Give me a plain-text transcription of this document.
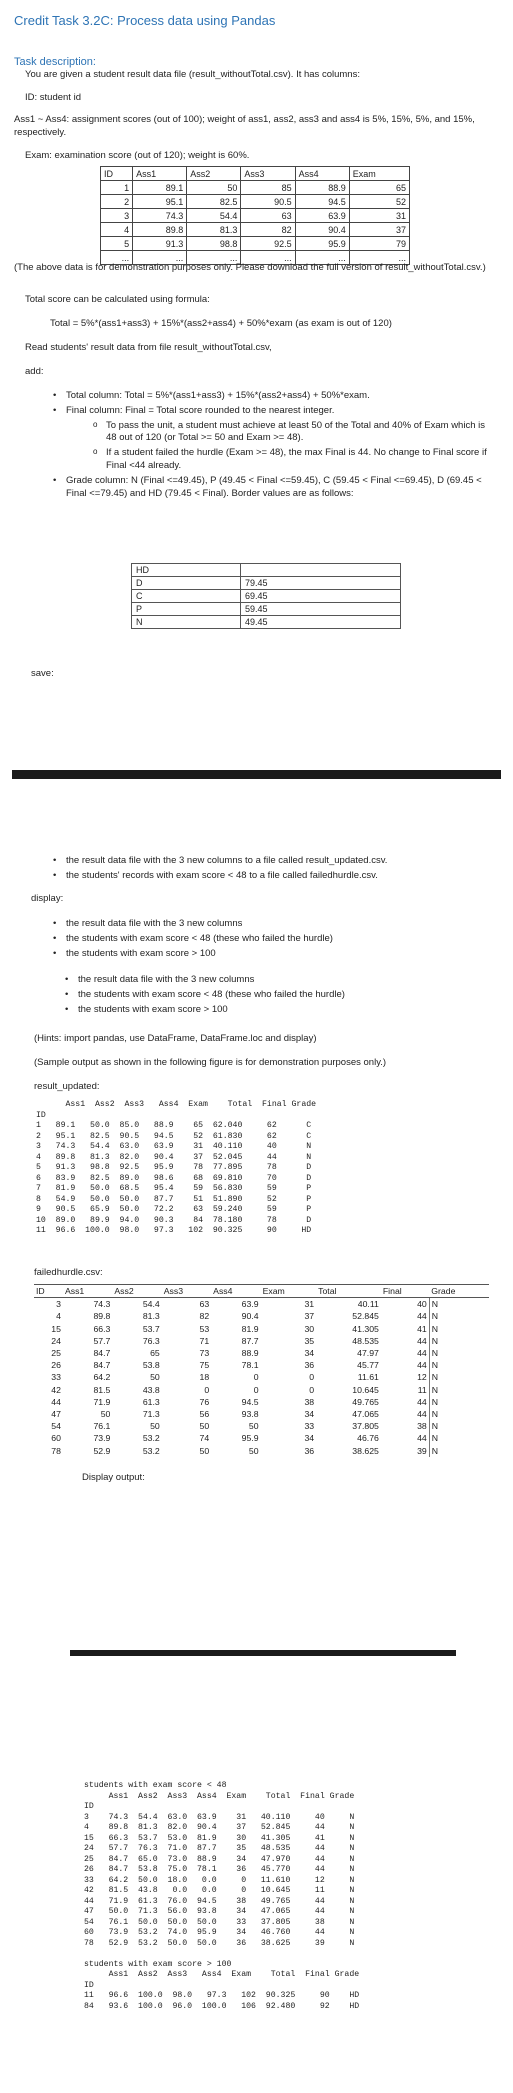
Credit Task 3.2C: Process data using Pandas
Task description:
You are given a student result data file (result_withoutTotal.csv). It has columns:
ID: student id
Ass1 ~ Ass4: assignment scores (out of 100); weight of ass1, ass2, ass3 and ass4 is 5%, 15%, 5%, and 15%, respectively.
Exam: examination score (out of 120); weight is 60%.
ID	Ass1	Ass2	Ass3	Ass4	Exam
1	89.1	50	85	88.9	65
2	95.1	82.5	90.5	94.5	52
3	74.3	54.4	63	63.9	31
4	89.8	81.3	82	90.4	37
5	91.3	98.8	92.5	95.9	79
...	...	...	...	...	...
(The above data is for demonstration purposes only. Please download the full version of result_withoutTotal.csv.)
Total score can be calculated using formula:
Total = 5%*(ass1+ass3) + 15%*(ass2+ass4) + 50%*exam (as exam is out of 120)
Read students' result data from file result_withoutTotal.csv,
add:
• Total column: Total = 5%*(ass1+ass3) + 15%*(ass2+ass4) + 50%*exam.
• Final column: Final = Total score rounded to the nearest integer.
o To pass the unit, a student must achieve at least 50 of the Total and 40% of Exam which is 48 out of 120 (or Total >= 50 and Exam >= 48).
o If a student failed the hurdle (Exam >= 48), the max Final is 44. No change to Final score if Final <44 already.
• Grade column: N (Final <=49.45), P (49.45 < Final <=59.45), C (59.45 < Final <=69.45), D (69.45 < Final <=79.45) and HD (79.45 < Final). Border values are as follows:
HD	
D	79.45
C	69.45
P	59.45
N	49.45
save:
• the result data file with the 3 new columns to a file called result_updated.csv.
• the students' records with exam score < 48 to a file called failedhurdle.csv.
display:
• the result data file with the 3 new columns
• the students with exam score < 48 (these who failed the hurdle)
• the students with exam score > 100
• the result data file with the 3 new columns
• the students with exam score < 48 (these who failed the hurdle)
• the students with exam score > 100
(Hints: import pandas, use DataFrame, DataFrame.loc and display)
(Sample output as shown in the following figure is for demonstration purposes only.)
result_updated:
Ass1  Ass2  Ass3   Ass4  Exam    Total  Final Grade
ID
1   89.1   50.0  85.0   88.9    65  62.040     62      C
2   95.1   82.5  90.5   94.5    52  61.830     62      C
3   74.3   54.4  63.0   63.9    31  40.110     40      N
4   89.8   81.3  82.0   90.4    37  52.045     44      N
5   91.3   98.8  92.5   95.9    78  77.895     78      D
6   83.9   82.5  89.0   98.6    68  69.810     70      D
7   81.9   50.0  68.5   95.4    59  56.830     59      P
8   54.9   50.0  50.0   87.7    51  51.890     52      P
9   90.5   65.9  50.0   72.2    63  59.240     59      P
10  89.0   89.9  94.0   90.3    84  78.180     78      D
11  96.6  100.0  98.0   97.3   102  90.325     90     HD
failedhurdle.csv:
ID	Ass1	Ass2	Ass3	Ass4	Exam	Total	Final	Grade
3	74.3	54.4	63	63.9	31	40.11	40	N
4	89.8	81.3	82	90.4	37	52.845	44	N
15	66.3	53.7	53	81.9	30	41.305	41	N
24	57.7	76.3	71	87.7	35	48.535	44	N
25	84.7	65	73	88.9	34	47.97	44	N
26	84.7	53.8	75	78.1	36	45.77	44	N
33	64.2	50	18	0	0	11.61	12	N
42	81.5	43.8	0	0	0	10.645	11	N
44	71.9	61.3	76	94.5	38	49.765	44	N
47	50	71.3	56	93.8	34	47.065	44	N
54	76.1	50	50	50	33	37.805	38	N
60	73.9	53.2	74	95.9	34	46.76	44	N
78	52.9	53.2	50	50	36	38.625	39	N
Display output:
students with exam score < 48
Ass1  Ass2  Ass3  Ass4  Exam    Total  Final Grade
ID
3    74.3  54.4  63.0  63.9    31   40.110     40     N
4    89.8  81.3  82.0  90.4    37   52.845     44     N
15   66.3  53.7  53.0  81.9    30   41.305     41     N
24   57.7  76.3  71.0  87.7    35   48.535     44     N
25   84.7  65.0  73.0  88.9    34   47.970     44     N
26   84.7  53.8  75.0  78.1    36   45.770     44     N
33   64.2  50.0  18.0   0.0     0   11.610     12     N
42   81.5  43.8   0.0   0.0     0   10.645     11     N
44   71.9  61.3  76.0  94.5    38   49.765     44     N
47   50.0  71.3  56.0  93.8    34   47.065     44     N
54   76.1  50.0  50.0  50.0    33   37.805     38     N
60   73.9  53.2  74.0  95.9    34   46.760     44     N
78   52.9  53.2  50.0  50.0    36   38.625     39     N

students with exam score > 100
Ass1  Ass2  Ass3   Ass4  Exam    Total  Final Grade
ID
11   96.6  100.0  98.0   97.3   102  90.325     90    HD
84   93.6  100.0  96.0  100.0   106  92.480     92    HD
